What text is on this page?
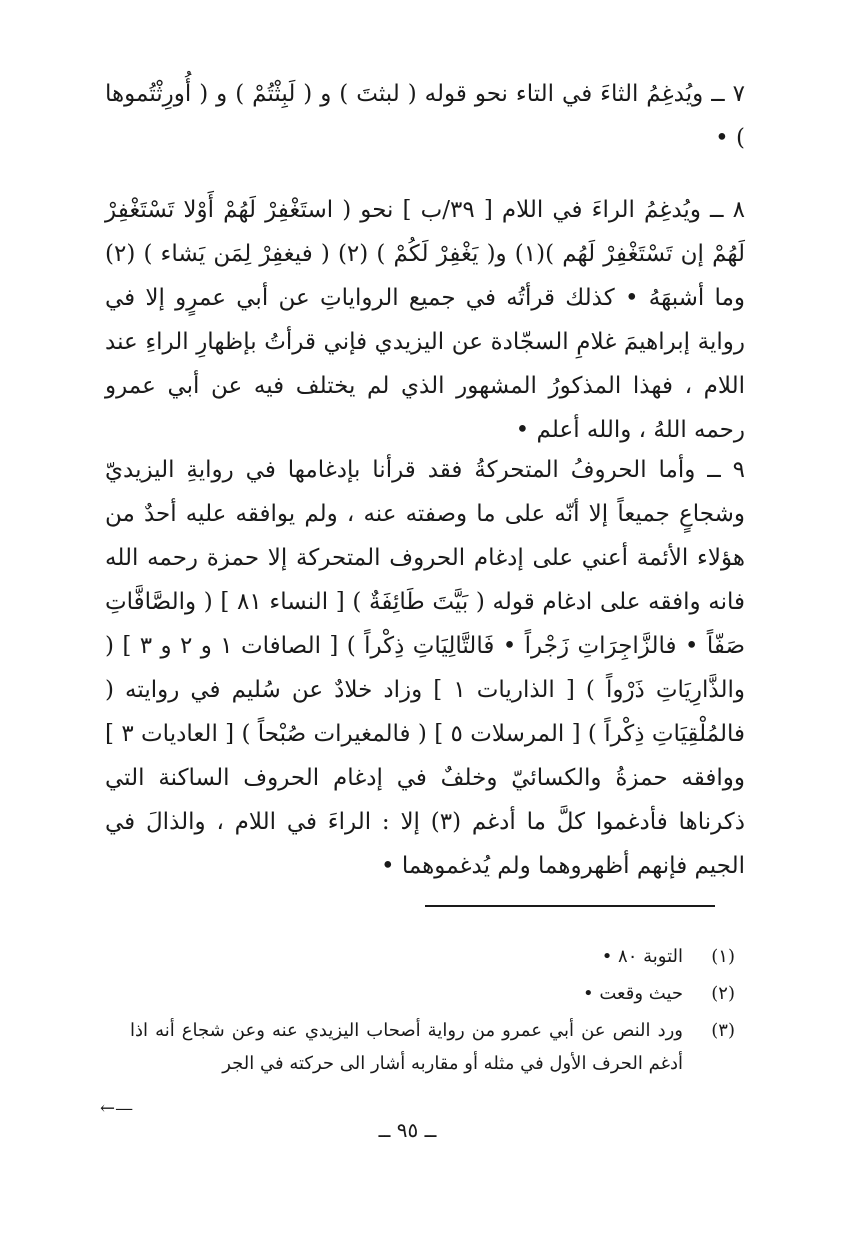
٧ ــ ويُدغِمُ الثاءَ في التاء نحو قوله ( لبثتَ ) و ( لَبِثْتُمْ ) و ( أُورِثْتُموها ) •

٨ ــ ويُدغِمُ الراءَ في اللام [ ٣٩/ب ] نحو ( استَغْفِرْ لَهُمْ أَوْلا تَسْتَغْفِرْ لَهُمْ إن تَسْتَغْفِرْ لَهُم )(١) و( يَغْفِرْ لَكُمْ ) (٢) ( فيغفِرْ لِمَن يَشاء ) (٢) وما أشبهَهُ • كذلك قرأتُه في جميع الرواياتِ عن أبي عمرٍو إلا في رواية إبراهيمَ غلامِ السجّادة عن اليزيدي فإني قرأتُ بإظهارِ الراءِ عند اللام ، فهذا المذكورُ المشهور الذي لم يختلف فيه عن أبي عمرو رحمه اللهُ ، والله أعلم •

٩ ــ وأما الحروفُ المتحركةُ فقد قرأنا بإدغامها في روايةِ اليزيديّ وشجاعٍ جميعاً إلا أنّه على ما وصفته عنه ، ولم يوافقه عليه أحدٌ من هؤلاء الأئمة أعني على إدغام الحروف المتحركة إلا حمزة رحمه الله فانه وافقه على ادغام قوله ( بَيَّتَ طَائِفَةٌ ) [ النساء ٨١ ] ( والصَّافَّاتِ صَفّاً • فالزَّاجِرَاتِ زَجْراً • فَالتَّالِيَاتِ ذِكْراً ) [ الصافات ١ و ٢ و ٣ ] ( والذَّارِيَاتِ ذَرْواً ) [ الذاريات ١ ] وزاد خلادٌ عن سُليم في روايته ( فالمُلْقِيَاتِ ذِكْراً ) [ المرسلات ٥ ] ( فالمغيرات صُبْحاً ) [ العاديات ٣ ] ووافقه حمزةُ والكسائيّ وخلفٌ في إدغام الحروف الساكنة التي ذكرناها فأدغموا كلَّ ما أدغم (٣) إلا : الراءَ في اللام ، والذالَ في الجيم فإنهم أظهروهما ولم يُدغموهما •

(١)
التوبة ٨٠ •
(٢)
حيث وقعت •
(٣)
ورد النص عن أبي عمرو من رواية أصحاب اليزيدي عنه وعن شجاع أنه اذا أدغم الحرف الأول في مثله أو مقاربه أشار الى حركته في الجر
←—
ــ ٩٥ ــ
